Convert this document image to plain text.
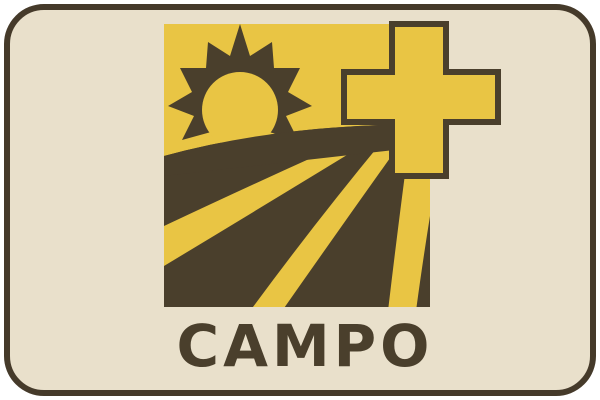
CAMPO
